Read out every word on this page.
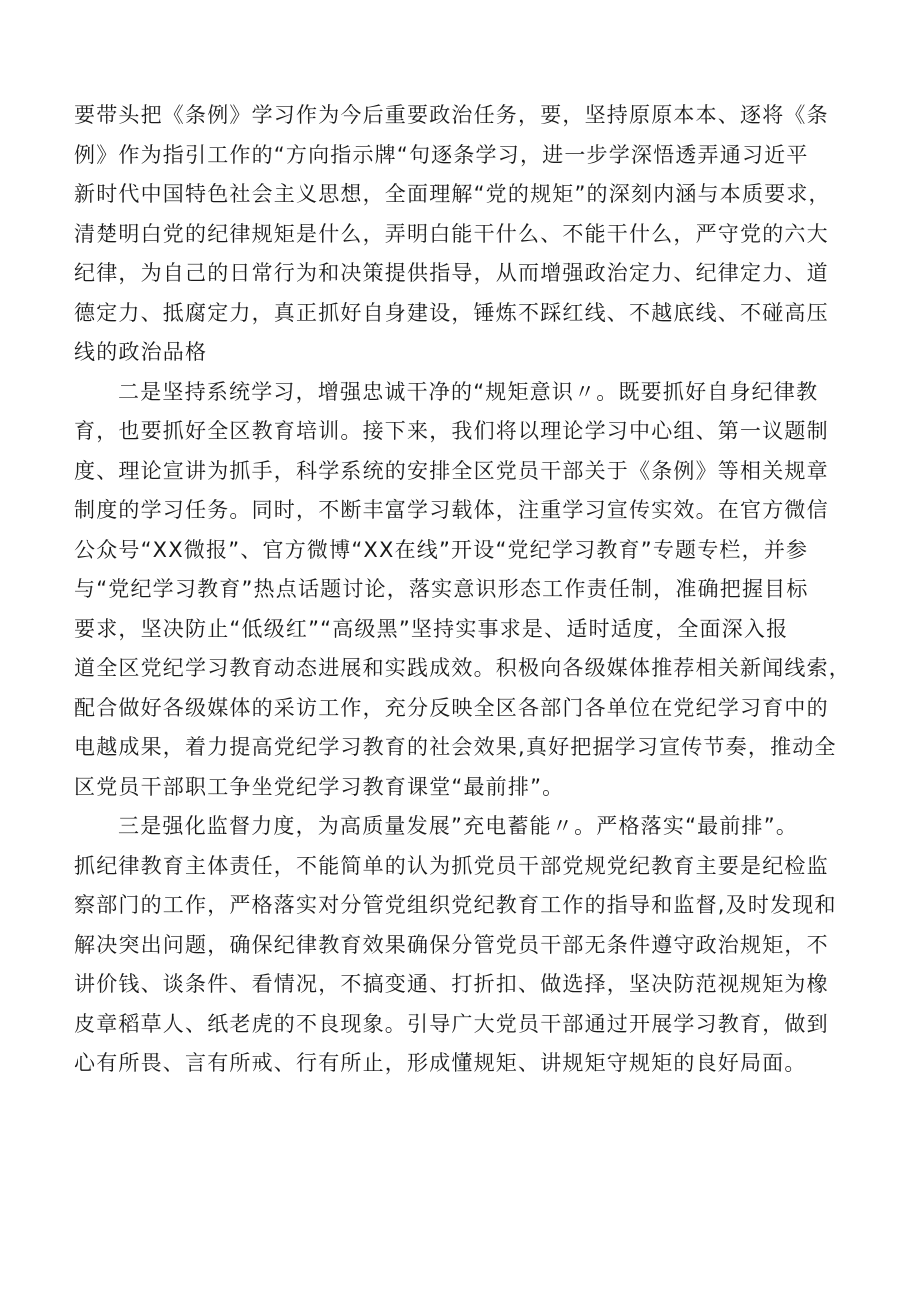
要带头把《条例》学习作为今后重要政治任务，要，坚持原原本本、逐将《条
例》作为指引工作的“方向指示牌“句逐条学习，进一步学深悟透弄通习近平
新时代中国特色社会主义思想，全面理解“党的规矩”的深刻内涵与本质要求，
清楚明白党的纪律规矩是什么，弄明白能干什么、不能干什么，严守党的六大
纪律，为自己的日常行为和决策提供指导，从而增强政治定力、纪律定力、道
德定力、抵腐定力，真正抓好自身建设，锤炼不踩红线、不越底线、不碰高压
线的政治品格
二是坚持系统学习，增强忠诚干净的“规矩意识〃。既要抓好自身纪律教
育，也要抓好全区教育培训。接下来，我们将以理论学习中心组、第一议题制
度、理论宣讲为抓手，科学系统的安排全区党员干部关于《条例》等相关规章
制度的学习任务。同时，不断丰富学习载体，注重学习宣传实效。在官方微信
公众号“XX微报”、官方微博“XX在线”开设“党纪学习教育”专题专栏，并参
与“党纪学习教育”热点话题讨论，落实意识形态工作责任制，准确把握目标
要求，坚决防止“低级红”“高级黑”坚持实事求是、适时适度，全面深入报
道全区党纪学习教育动态进展和实践成效。积极向各级媒体推荐相关新闻线索，
配合做好各级媒体的采访工作，充分反映全区各部门各单位在党纪学习育中的
电越成果，着力提高党纪学习教育的社会效果,真好把据学习宣传节奏，推动全
区党员干部职工争坐党纪学习教育课堂“最前排”。
三是强化监督力度，为高质量发展”充电蓄能〃。严格落实“最前排”。
抓纪律教育主体责任，不能简单的认为抓党员干部党规党纪教育主要是纪检监
察部门的工作，严格落实对分管党组织党纪教育工作的指导和监督,及时发现和
解决突出问题，确保纪律教育效果确保分管党员干部无条件遵守政治规矩，不
讲价钱、谈条件、看情况，不搞变通、打折扣、做选择，坚决防范视规矩为橡
皮章稻草人、纸老虎的不良现象。引导广大党员干部通过开展学习教育，做到
心有所畏、言有所戒、行有所止，形成懂规矩、讲规矩守规矩的良好局面。
